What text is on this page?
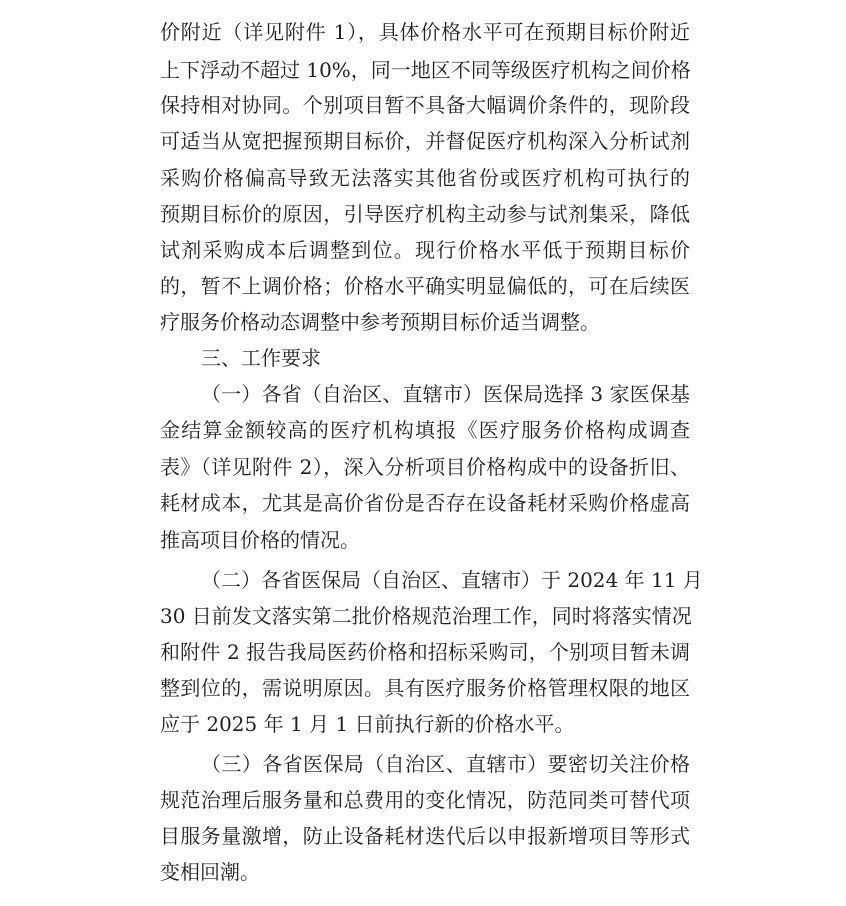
价附近（详见附件 1），具体价格水平可在预期目标价附近
上下浮动不超过 10%，同一地区不同等级医疗机构之间价格
保持相对协同。个别项目暂不具备大幅调价条件的，现阶段
可适当从宽把握预期目标价，并督促医疗机构深入分析试剂
采购价格偏高导致无法落实其他省份或医疗机构可执行的
预期目标价的原因，引导医疗机构主动参与试剂集采，降低
试剂采购成本后调整到位。现行价格水平低于预期目标价
的，暂不上调价格；价格水平确实明显偏低的，可在后续医
疗服务价格动态调整中参考预期目标价适当调整。
三、工作要求
（一）各省（自治区、直辖市）医保局选择 3 家医保基
金结算金额较高的医疗机构填报《医疗服务价格构成调查
表》（详见附件 2），深入分析项目价格构成中的设备折旧、
耗材成本，尤其是高价省份是否存在设备耗材采购价格虚高
推高项目价格的情况。
（二）各省医保局（自治区、直辖市）于 2024 年 11 月
30 日前发文落实第二批价格规范治理工作，同时将落实情况
和附件 2 报告我局医药价格和招标采购司，个别项目暂未调
整到位的，需说明原因。具有医疗服务价格管理权限的地区
应于 2025 年 1 月 1 日前执行新的价格水平。
（三）各省医保局（自治区、直辖市）要密切关注价格
规范治理后服务量和总费用的变化情况，防范同类可替代项
目服务量激增，防止设备耗材迭代后以申报新增项目等形式
变相回潮。
